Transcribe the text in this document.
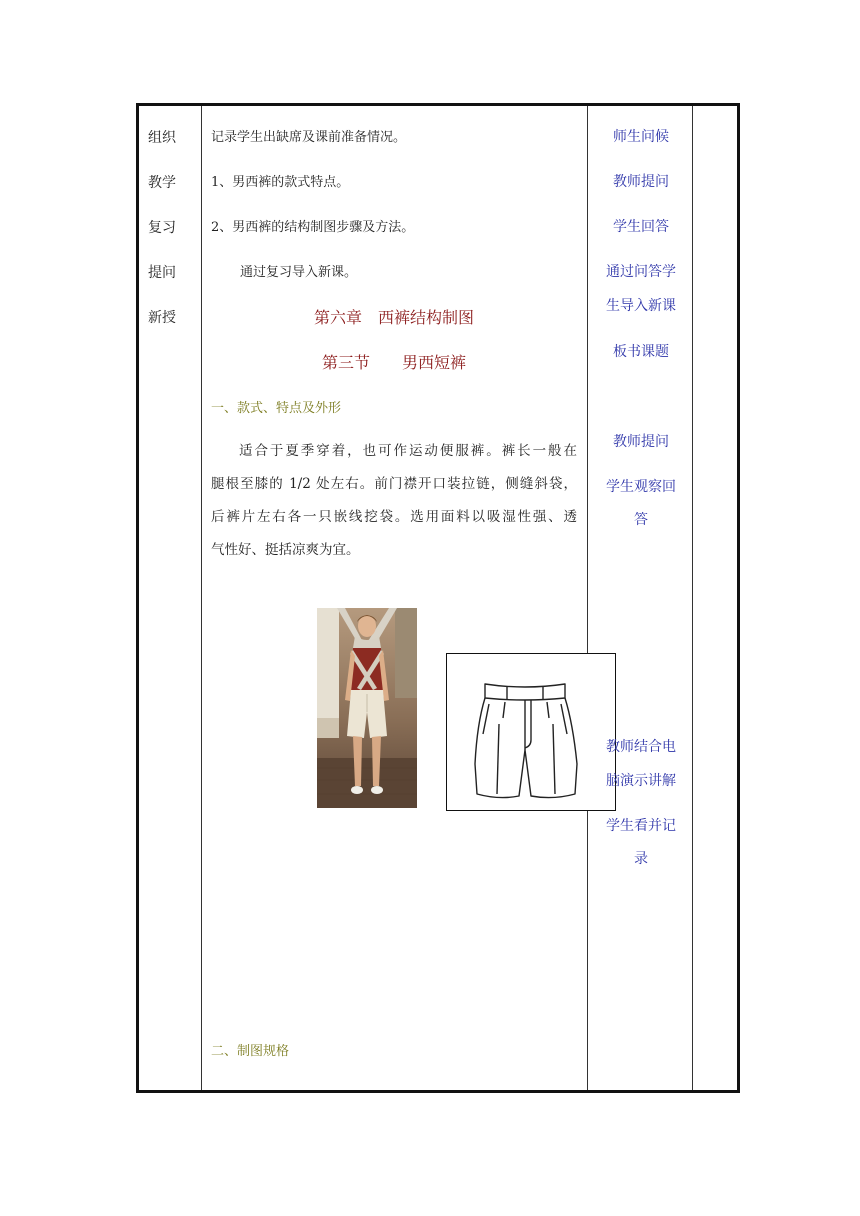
组织
教学
复习
提问
新授
记录学生出缺席及课前准备情况。
1、男西裤的款式特点。
2、男西裤的结构制图步骤及方法。
通过复习导入新课。
第六章　西裤结构制图
第三节　　男西短裤
一、款式、特点及外形
适合于夏季穿着，也可作运动便服裤。裤长一般在
腿根至膝的 1/2 处左右。前门襟开口装拉链，侧缝斜袋，
后裤片左右各一只嵌线挖袋。选用面料以吸湿性强、透
气性好、挺括凉爽为宜。
二、制图规格
师生问候
教师提问
学生回答
通过问答学
生导入新课
板书课题
教师提问
学生观察回
答
教师结合电
脑演示讲解
学生看并记
录
